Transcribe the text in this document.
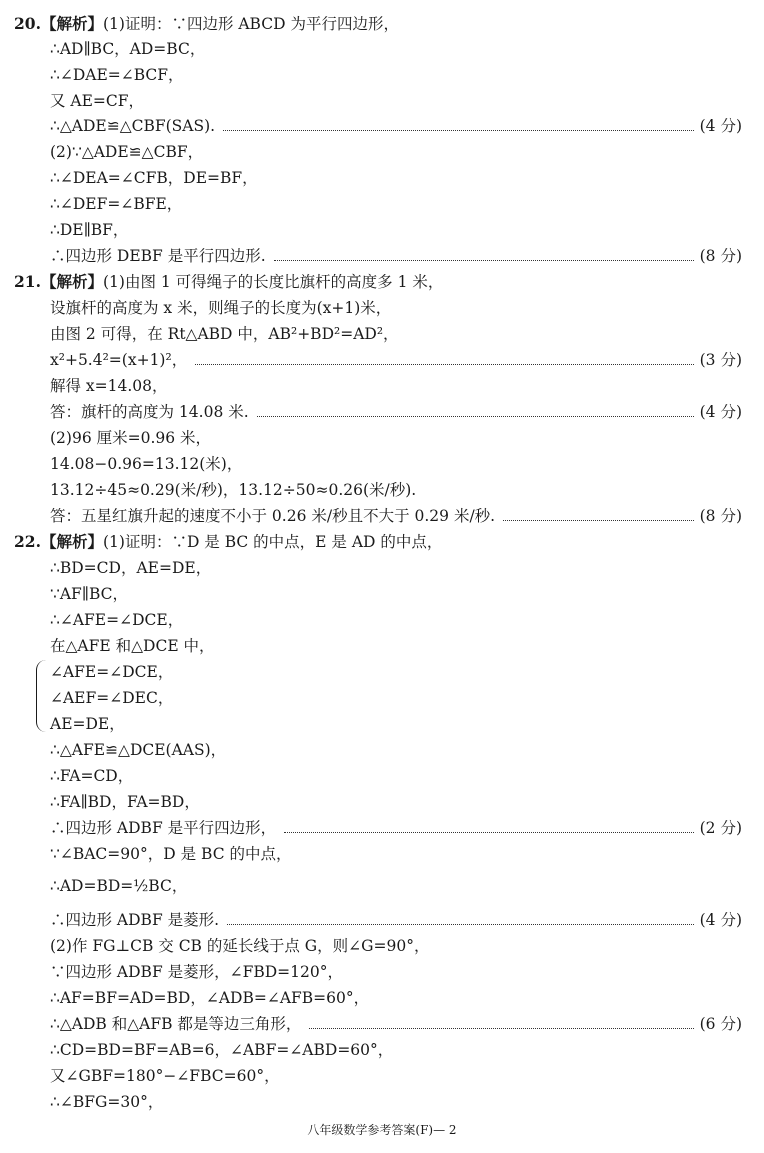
八年级数学参考答案(F)— 2
20. 【解析】 (1)证明：∵四边形 ABCD 为平行四边形，
∴AD∥BC，AD=BC，
∴∠DAE=∠BCF，
又 AE=CF，
∴△ADE≌△CBF(SAS).	(4 分)
(2)∵△ADE≌△CBF，
∴∠DEA=∠CFB，DE=BF，
∴∠DEF=∠BFE，
∴DE∥BF，
∴四边形 DEBF 是平行四边形.	(8 分)
21. 【解析】 (1)由图 1 可得绳子的长度比旗杆的高度多 1 米，
设旗杆的高度为 x 米，则绳子的长度为(x+1)米，
由图 2 可得，在 Rt△ABD 中，AB²+BD²=AD²，
x²+5.4²=(x+1)²，	(3 分)
解得 x=14.08，
答：旗杆的高度为 14.08 米.	(4 分)
(2)96 厘米=0.96 米，
14.08−0.96=13.12(米)，
13.12÷45≈0.29(米/秒)，13.12÷50≈0.26(米/秒).
答：五星红旗升起的速度不小于 0.26 米/秒且不大于 0.29 米/秒.	(8 分)
22. 【解析】 (1)证明：∵D 是 BC 的中点，E 是 AD 的中点，
∴BD=CD，AE=DE，
∵AF∥BC，
∴∠AFE=∠DCE，
在△AFE 和△DCE 中，
∠AFE=∠DCE，
∠AEF=∠DEC，
AE=DE，
∴△AFE≌△DCE(AAS)，
∴FA=CD，
∴FA∥BD，FA=BD，
∴四边形 ADBF 是平行四边形，	(2 分)
∵∠BAC=90°，D 是 BC 的中点，
∴AD=BD=½BC，
∴四边形 ADBF 是菱形.	(4 分)
(2)作 FG⊥CB 交 CB 的延长线于点 G，则∠G=90°，
∵四边形 ADBF 是菱形，∠FBD=120°，
∴AF=BF=AD=BD，∠ADB=∠AFB=60°，
∴△ADB 和△AFB 都是等边三角形，	(6 分)
∴CD=BD=BF=AB=6，∠ABF=∠ABD=60°，
又∠GBF=180°−∠FBC=60°，
∴∠BFG=30°，
